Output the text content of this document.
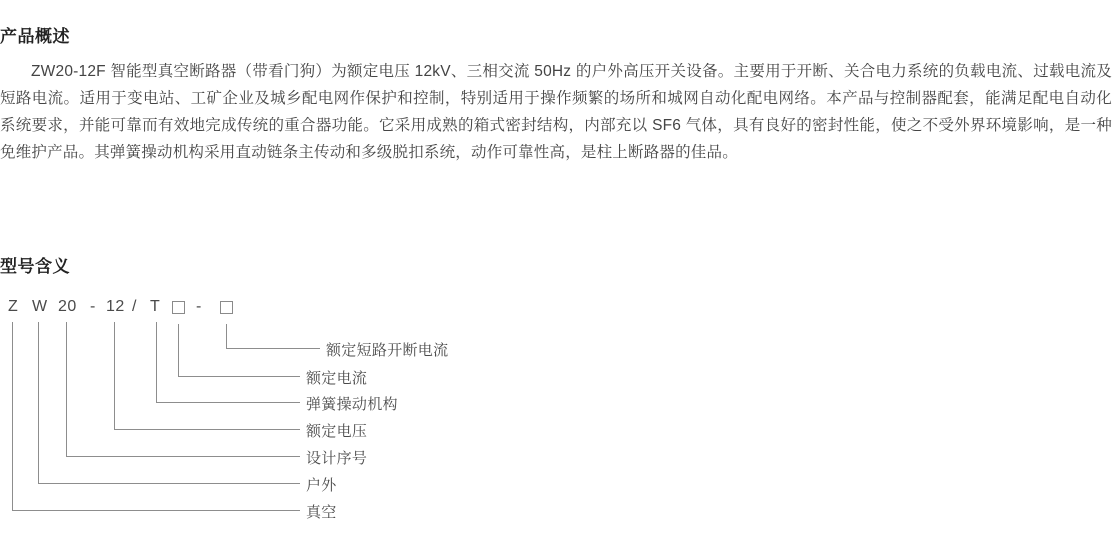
产品概述
ZW20-12F 智能型真空断路器（带看门狗）为额定电压 12kV、三相交流 50Hz 的户外高压开关设备。主要用于开断、关合电力系统的负载电流、过载电流及短路电流。适用于变电站、工矿企业及城乡配电网作保护和控制，特别适用于操作频繁的场所和城网自动化配电网络。本产品与控制器配套，能满足配电自动化系统要求，并能可靠而有效地完成传统的重合器功能。它采用成熟的箱式密封结构，内部充以 SF6 气体，具有良好的密封性能，使之不受外界环境影响，是一种免维护产品。其弹簧操动机构采用直动链条主传动和多级脱扣系统，动作可靠性高，是柱上断路器的佳品。
型号含义
Z W 20 - 12 / T -
额定短路开断电流
额定电流
弹簧操动机构
额定电压
设计序号
户外
真空
